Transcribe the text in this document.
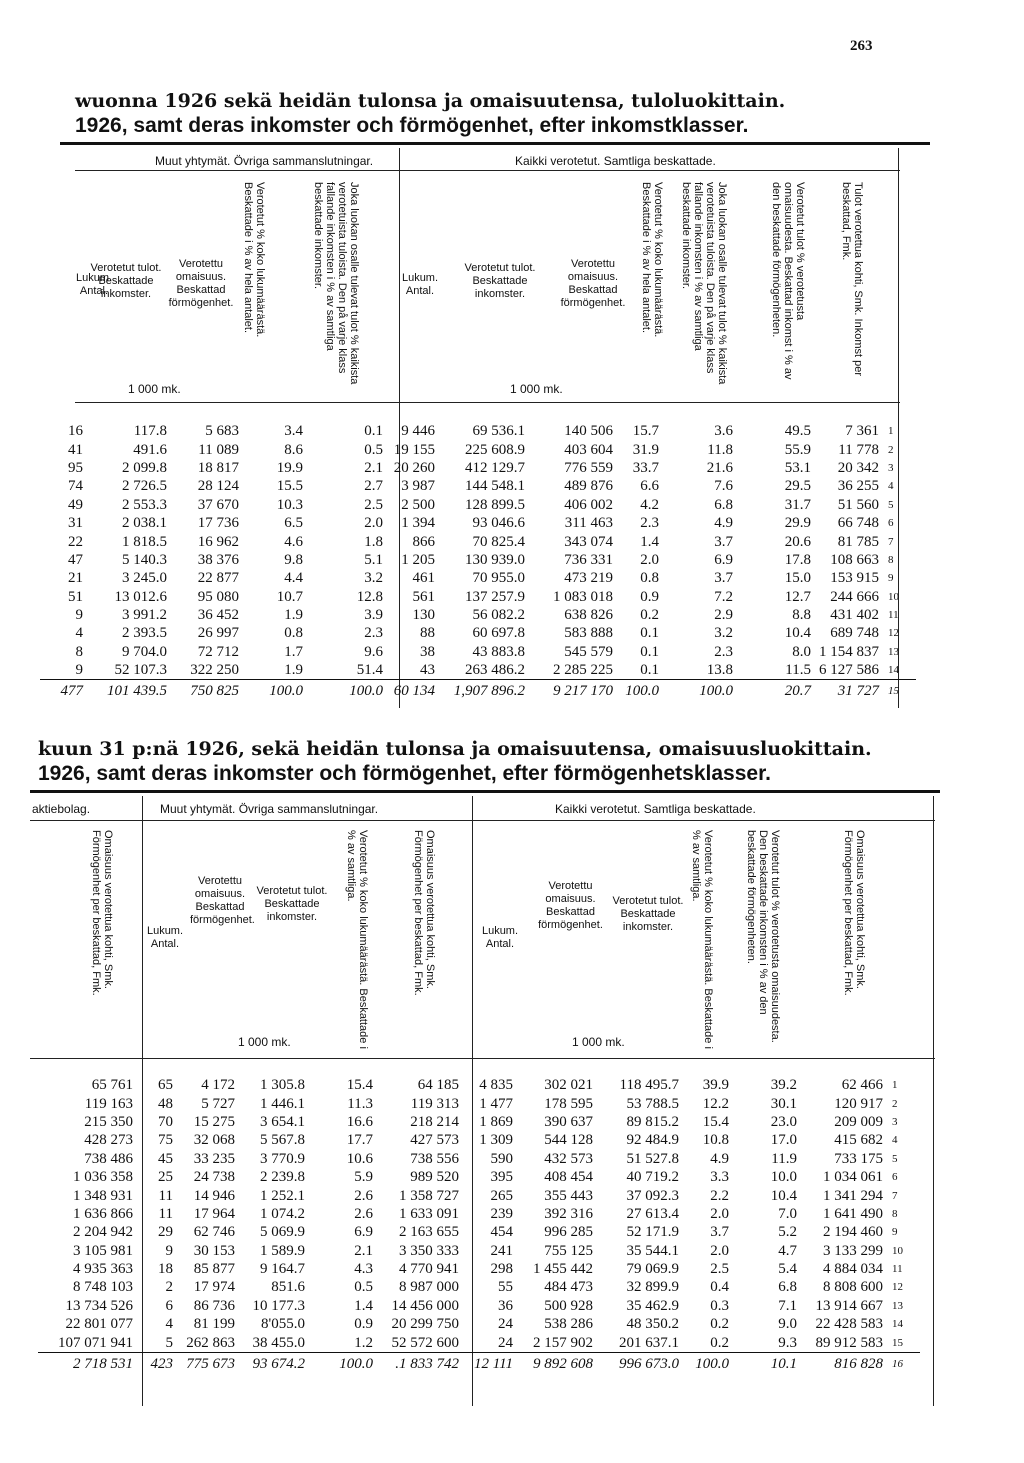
263
wuonna 1926 sekä heidän tulonsa ja omaisuutensa, tuloluokittain.
1926, samt deras inkomster och förmögenhet, efter inkomstklasser.
Muut yhtymät. Övriga sammanslutningar.	Kaikki verotetut. Samtliga beskattade.
Lukum. Antal.
Verotetut tulot. Beskattade inkomster.
Verotettu omaisuus. Beskattad förmögenhet.	Verotetut % koko lukumäärästä. Beskattade i % av hela antalet.	Joka luokan osalle tulevat tulot % kaikista verotetuista tuloista. Den på varje klass fallande inkomsten i % av samtliga beskattade inkomster.
1 000 mk.
Lukum. Antal.
Verotetut tulot. Beskattade inkomster.
Verotettu omaisuus. Beskattad förmögenhet.	Verotetut % koko lukumäärästä. Beskattade i % av hela antalet.	Joka luokan osalle tulevat tulot % kaikista verotetuista tuloista. Den på varje klass fallande inkomsten i % av samtliga beskattade inkomster.	Verotetut tulot % verotetusta omaisuudesta. Beskattad inkomst i % av den beskattade förmögenheten.	Tulot verotettua kohti, Smk. Inkomst per beskattad, Fmk.
1 000 mk.
16	117.8	5 683	3.4	0.1	9 446	69 536.1	140 506	15.7	3.6	49.5	7 361	1
41	491.6	11 089	8.6	0.5	19 155	225 608.9	403 604	31.9	11.8	55.9	11 778	2
95	2 099.8	18 817	19.9	2.1	20 260	412 129.7	776 559	33.7	21.6	53.1	20 342	3
74	2 726.5	28 124	15.5	2.7	3 987	144 548.1	489 876	6.6	7.6	29.5	36 255	4
49	2 553.3	37 670	10.3	2.5	2 500	128 899.5	406 002	4.2	6.8	31.7	51 560	5
31	2 038.1	17 736	6.5	2.0	1 394	93 046.6	311 463	2.3	4.9	29.9	66 748	6
22	1 818.5	16 962	4.6	1.8	866	70 825.4	343 074	1.4	3.7	20.6	81 785	7
47	5 140.3	38 376	9.8	5.1	1 205	130 939.0	736 331	2.0	6.9	17.8	108 663	8
21	3 245.0	22 877	4.4	3.2	461	70 955.0	473 219	0.8	3.7	15.0	153 915	9
51	13 012.6	95 080	10.7	12.8	561	137 257.9	1 083 018	0.9	7.2	12.7	244 666	10
9	3 991.2	36 452	1.9	3.9	130	56 082.2	638 826	0.2	2.9	8.8	431 402	11
4	2 393.5	26 997	0.8	2.3	88	60 697.8	583 888	0.1	3.2	10.4	689 748	12
8	9 704.0	72 712	1.7	9.6	38	43 883.8	545 579	0.1	2.3	8.0	1 154 837	13
9	52 107.3	322 250	1.9	51.4	43	263 486.2	2 285 225	0.1	13.8	11.5	6 127 586	14
477	101 439.5	750 825	100.0	100.0	60 134	1,907 896.2	9 217 170	100.0	100.0	20.7	31 727	15
kuun 31 p:nä 1926, sekä heidän tulonsa ja omaisuutensa, omaisuusluokittain.
1926, samt deras inkomster och förmögenhet, efter förmögenhetsklasser.
aktiebolag.	Muut yhtymät. Övriga sammanslutningar.	Kaikki verotetut. Samtliga beskattade.
Omaisuus verotettua kohti, Smk. Förmögenhet per beskattad, Fmk.	Lukum. Antal.
Verotettu omaisuus. Beskattad förmögenhet.
Verotetut tulot. Beskattade inkomster.	Verotetut % koko lukumäärästä. Beskattade i % av samtliga.	Omaisuus verotettua kohti, Smk. Förmögenhet per beskattad, Fmk.
1 000 mk.
Lukum. Antal.
Verotettu omaisuus. Beskattad förmögenhet.
Verotetut tulot. Beskattade inkomster.	Verotetut % koko lukumäärästä. Beskattade i % av samtliga.	Verotetut tulot % verotetusta omaisuudesta. Den beskattade inkomsten i % av den beskattade förmögenheten.	Omaisuus verotettua kohti, Smk. Förmögenhet per beskattad, Fmk.
1 000 mk.
65 761	65	4 172	1 305.8	15.4	64 185	4 835	302 021	118 495.7	39.9	39.2	62 466	1
119 163	48	5 727	1 446.1	11.3	119 313	1 477	178 595	53 788.5	12.2	30.1	120 917	2
215 350	70	15 275	3 654.1	16.6	218 214	1 869	390 637	89 815.2	15.4	23.0	209 009	3
428 273	75	32 068	5 567.8	17.7	427 573	1 309	544 128	92 484.9	10.8	17.0	415 682	4
738 486	45	33 235	3 770.9	10.6	738 556	590	432 573	51 527.8	4.9	11.9	733 175	5
1 036 358	25	24 738	2 239.8	5.9	989 520	395	408 454	40 719.2	3.3	10.0	1 034 061	6
1 348 931	11	14 946	1 252.1	2.6	1 358 727	265	355 443	37 092.3	2.2	10.4	1 341 294	7
1 636 866	11	17 964	1 074.2	2.6	1 633 091	239	392 316	27 613.4	2.0	7.0	1 641 490	8
2 204 942	29	62 746	5 069.9	6.9	2 163 655	454	996 285	52 171.9	3.7	5.2	2 194 460	9
3 105 981	9	30 153	1 589.9	2.1	3 350 333	241	755 125	35 544.1	2.0	4.7	3 133 299	10
4 935 363	18	85 877	9 164.7	4.3	4 770 941	298	1 455 442	79 069.9	2.5	5.4	4 884 034	11
8 748 103	2	17 974	851.6	0.5	8 987 000	55	484 473	32 899.9	0.4	6.8	8 808 600	12
13 734 526	6	86 736	10 177.3	1.4	14 456 000	36	500 928	35 462.9	0.3	7.1	13 914 667	13
22 801 077	4	81 199	8'055.0	0.9	20 299 750	24	538 286	48 350.2	0.2	9.0	22 428 583	14
107 071 941	5	262 863	38 455.0	1.2	52 572 600	24	2 157 902	201 637.1	0.2	9.3	89 912 583	15
2 718 531	423	775 673	93 674.2	100.0	.1 833 742	12 111	9 892 608	996 673.0	100.0	10.1	816 828	16
